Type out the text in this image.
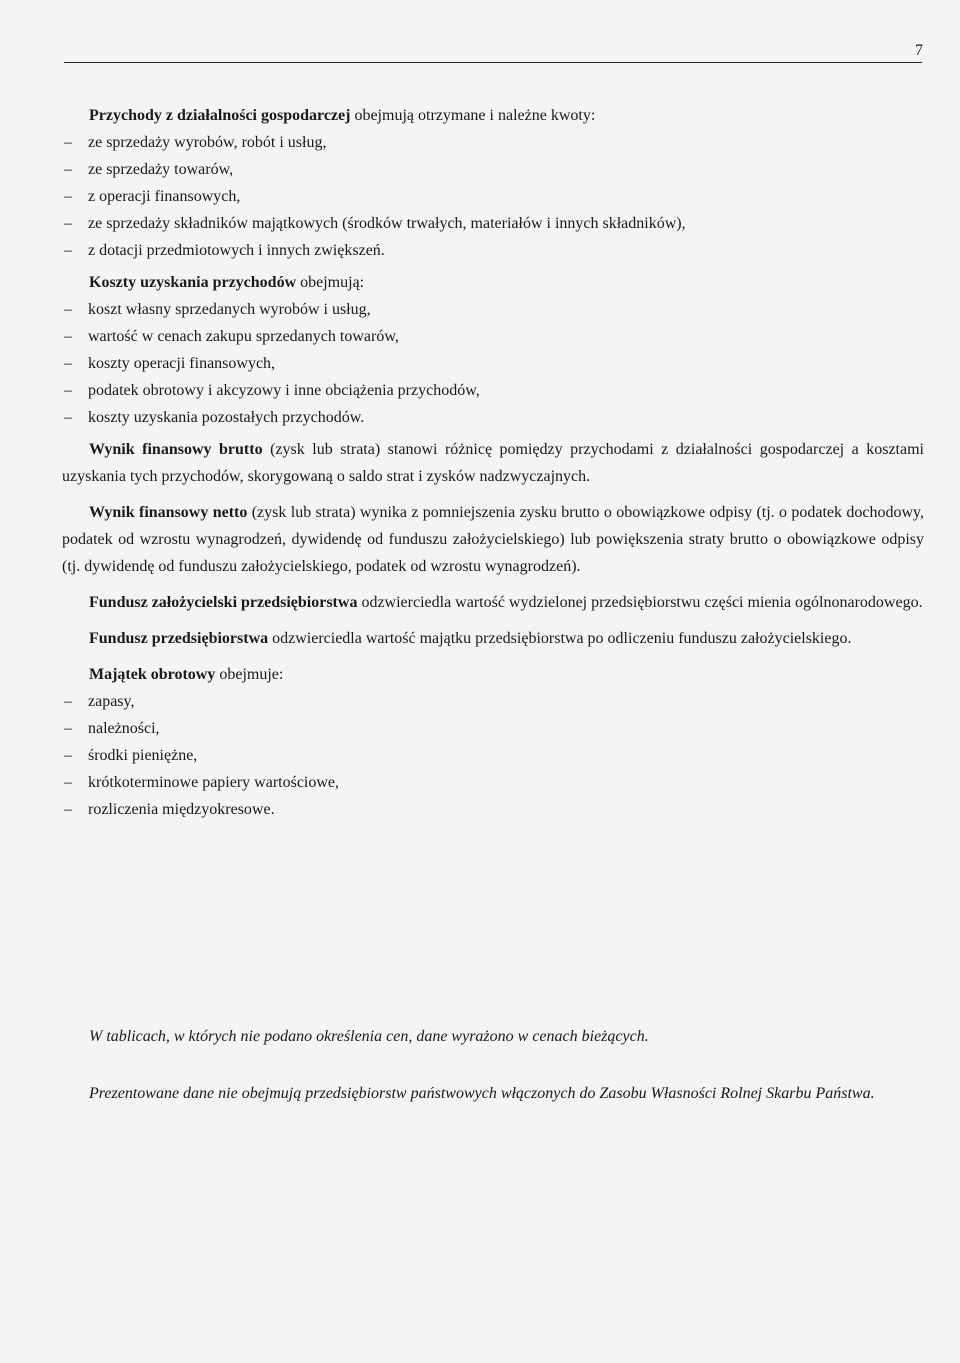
7

Przychody z działalności gospodarczej obejmują otrzymane i należne kwoty:

– ze sprzedaży wyrobów, robót i usług,
– ze sprzedaży towarów,
– z operacji finansowych,
– ze sprzedaży składników majątkowych (środków trwałych, materiałów i innych składników),
– z dotacji przedmiotowych i innych zwiększeń.

Koszty uzyskania przychodów obejmują:

– koszt własny sprzedanych wyrobów i usług,
– wartość w cenach zakupu sprzedanych towarów,
– koszty operacji finansowych,
– podatek obrotowy i akcyzowy i inne obciążenia przychodów,
– koszty uzyskania pozostałych przychodów.

Wynik finansowy brutto (zysk lub strata) stanowi różnicę pomiędzy przychodami z działalności gospodarczej a kosztami uzyskania tych przychodów, skorygowaną o saldo strat i zysków nadzwyczajnych.

Wynik finansowy netto (zysk lub strata) wynika z pomniejszenia zysku brutto o obowiązkowe odpisy (tj. o podatek dochodowy, podatek od wzrostu wynagrodzeń, dywidendę od funduszu założycielskiego) lub powiększenia straty brutto o obowiązkowe odpisy (tj. dywidendę od funduszu założycielskiego, podatek od wzrostu wynagrodzeń).

Fundusz założycielski przedsiębiorstwa odzwierciedla wartość wydzielonej przedsiębiorstwu części mienia ogólnonarodowego.

Fundusz przedsiębiorstwa odzwierciedla wartość majątku przedsiębiorstwa po odliczeniu funduszu założycielskiego.

Majątek obrotowy obejmuje:

– zapasy,
– należności,
– środki pieniężne,
– krótkoterminowe papiery wartościowe,
– rozliczenia międzyokresowe.

W tablicach, w których nie podano określenia cen, dane wyrażono w cenach bieżących.

Prezentowane dane nie obejmują przedsiębiorstw państwowych włączonych do Zasobu Własności Rolnej Skarbu Państwa.
